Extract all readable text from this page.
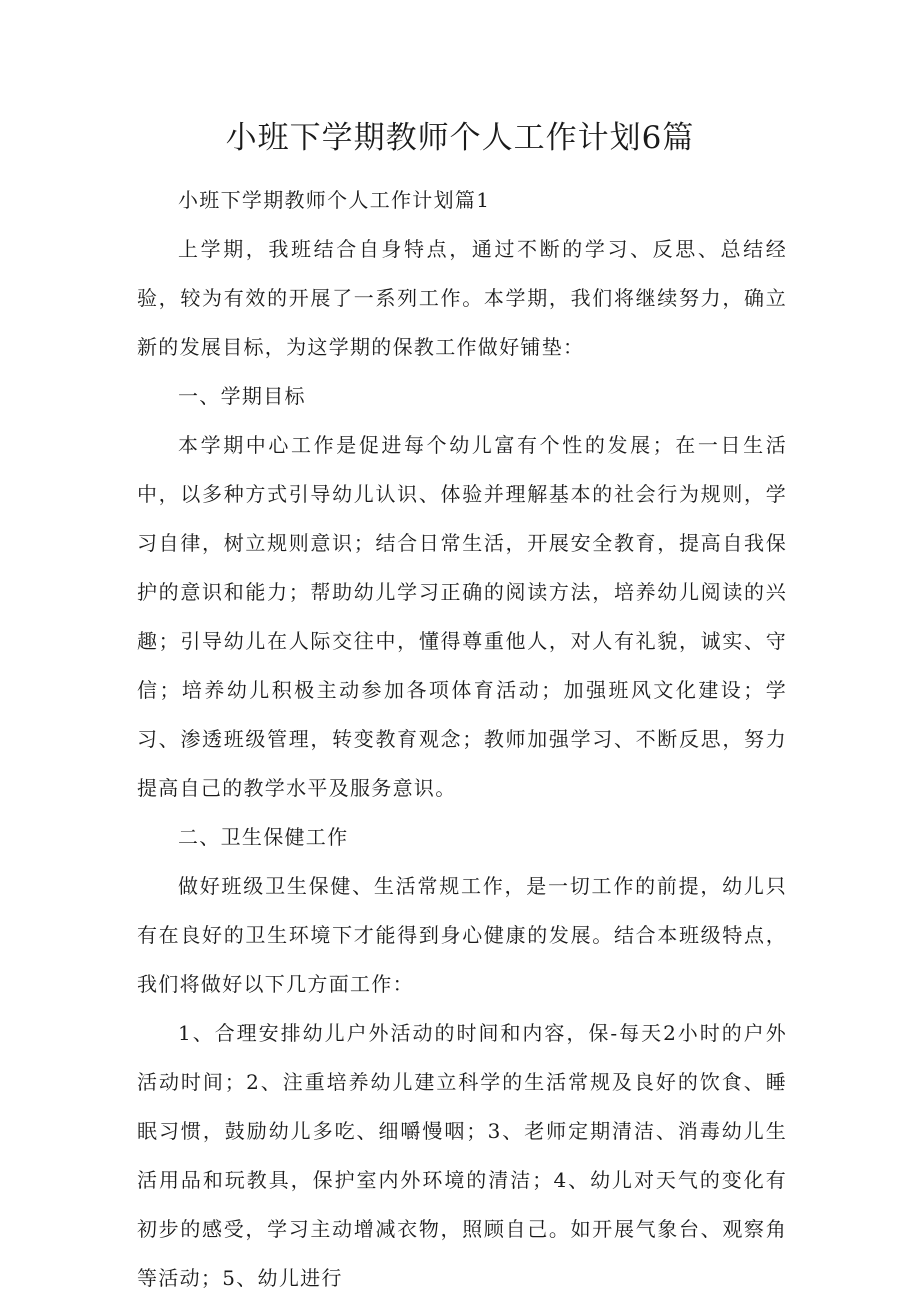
小班下学期教师个人工作计划6篇

小班下学期教师个人工作计划篇1

上学期，我班结合自身特点，通过不断的学习、反思、总结经验，较为有效的开展了一系列工作。本学期，我们将继续努力，确立新的发展目标，为这学期的保教工作做好铺垫：

一、学期目标

本学期中心工作是促进每个幼儿富有个性的发展；在一日生活中，以多种方式引导幼儿认识、体验并理解基本的社会行为规则，学习自律，树立规则意识；结合日常生活，开展安全教育，提高自我保护的意识和能力；帮助幼儿学习正确的阅读方法，培养幼儿阅读的兴趣；引导幼儿在人际交往中，懂得尊重他人，对人有礼貌，诚实、守信；培养幼儿积极主动参加各项体育活动；加强班风文化建设；学习、渗透班级管理，转变教育观念；教师加强学习、不断反思，努力提高自己的教学水平及服务意识。

二、卫生保健工作

做好班级卫生保健、生活常规工作，是一切工作的前提，幼儿只有在良好的卫生环境下才能得到身心健康的发展。结合本班级特点，我们将做好以下几方面工作：

1、合理安排幼儿户外活动的时间和内容，保-每天2小时的户外活动时间；2、注重培养幼儿建立科学的生活常规及良好的饮食、睡眠习惯，鼓励幼儿多吃、细嚼慢咽；3、老师定期清洁、消毒幼儿生活用品和玩教具，保护室内外环境的清洁；4、幼儿对天气的变化有初步的感受，学习主动增减衣物，照顾自己。如开展气象台、观察角等活动；5、幼儿进行
